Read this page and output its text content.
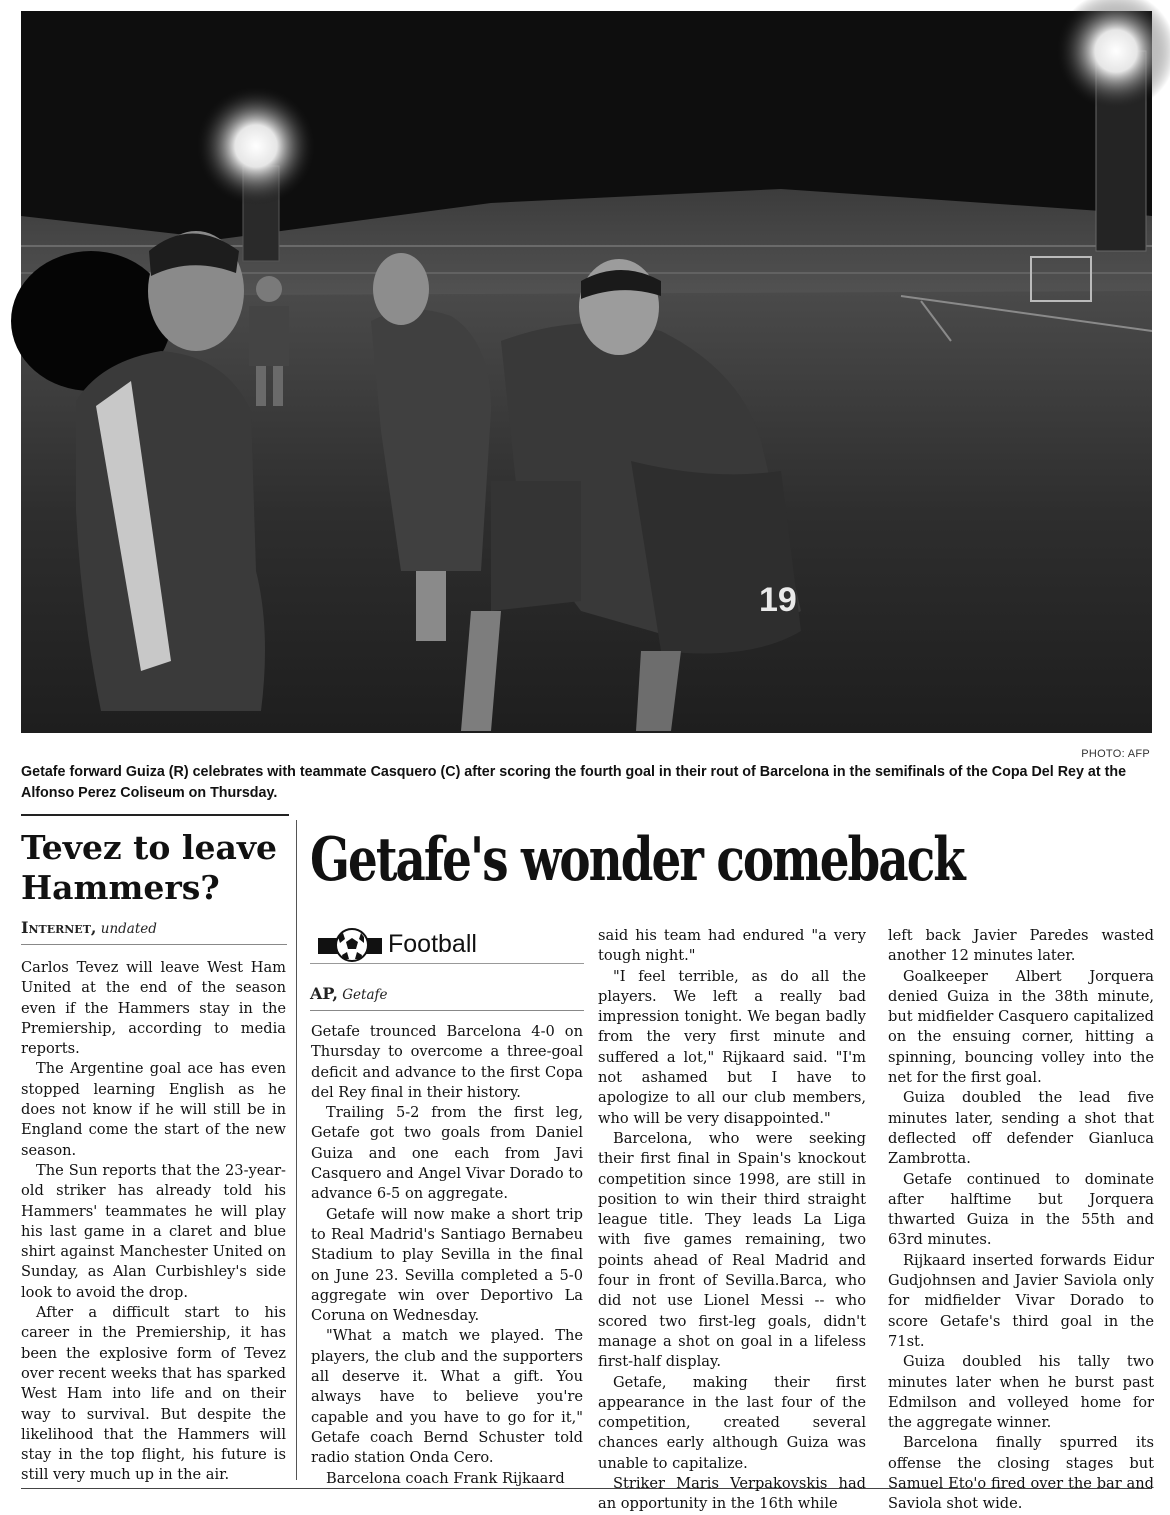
19
PHOTO: AFP
Getafe forward Guiza (R) celebrates with teammate Casquero (C) after scoring the fourth goal in their rout of Barcelona in the semifinals of the Copa Del Rey at the Alfonso Perez Coliseum on Thursday.
Tevez to leave Hammers?
Internet, undated

Carlos Tevez will leave West Ham United at the end of the season even if the Hammers stay in the Premiership, according to media reports.

The Argentine goal ace has even stopped learning English as he does not know if he will still be in England come the start of the new season.

The Sun reports that the 23-year-old striker has already told his Hammers' teammates he will play his last game in a claret and blue shirt against Manchester United on Sunday, as Alan Curbishley's side look to avoid the drop.

After a difficult start to his career in the Premiership, it has been the explosive form of Tevez over recent weeks that has sparked West Ham into life and on their way to survival. But despite the likelihood that the Hammers will stay in the top flight, his future is still very much up in the air.

Getafe's wonder comeback
Football
AP, Getafe

Getafe trounced Barcelona 4-0 on Thursday to overcome a three-goal deficit and advance to the first Copa del Rey final in their history.

Trailing 5-2 from the first leg, Getafe got two goals from Daniel Guiza and one each from Javi Casquero and Angel Vivar Dorado to advance 6-5 on aggregate.

Getafe will now make a short trip to Real Madrid's Santiago Bernabeu Stadium to play Sevilla in the final on June 23. Sevilla completed a 5-0 aggregate win over Deportivo La Coruna on Wednesday.

"What a match we played. The players, the club and the supporters all deserve it. What a gift. You always have to believe you're capable and you have to go for it," Getafe coach Bernd Schuster told radio station Onda Cero.

Barcelona coach Frank Rijkaard

said his team had endured "a very tough night."

"I feel terrible, as do all the players. We left a really bad impression tonight. We began badly from the very first minute and suffered a lot," Rijkaard said. "I'm not ashamed but I have to apologize to all our club members, who will be very disappointed."

Barcelona, who were seeking their first final in Spain's knockout competition since 1998, are still in position to win their third straight league title. They leads La Liga with five games remaining, two points ahead of Real Madrid and four in front of Sevilla.Barca, who did not use Lionel Messi -- who scored two first-leg goals, didn't manage a shot on goal in a lifeless first-half display.

Getafe, making their first appearance in the last four of the competition, created several chances early although Guiza was unable to capitalize.

Striker Maris Verpakovskis had an opportunity in the 16th while

left back Javier Paredes wasted another 12 minutes later.

Goalkeeper Albert Jorquera denied Guiza in the 38th minute, but midfielder Casquero capitalized on the ensuing corner, hitting a spinning, bouncing volley into the net for the first goal.

Guiza doubled the lead five minutes later, sending a shot that deflected off defender Gianluca Zambrotta.

Getafe continued to dominate after halftime but Jorquera thwarted Guiza in the 55th and 63rd minutes.

Rijkaard inserted forwards Eidur Gudjohnsen and Javier Saviola only for midfielder Vivar Dorado to score Getafe's third goal in the 71st.

Guiza doubled his tally two minutes later when he burst past Edmilson and volleyed home for the aggregate winner.

Barcelona finally spurred its offense the closing stages but Samuel Eto'o fired over the bar and Saviola shot wide.
